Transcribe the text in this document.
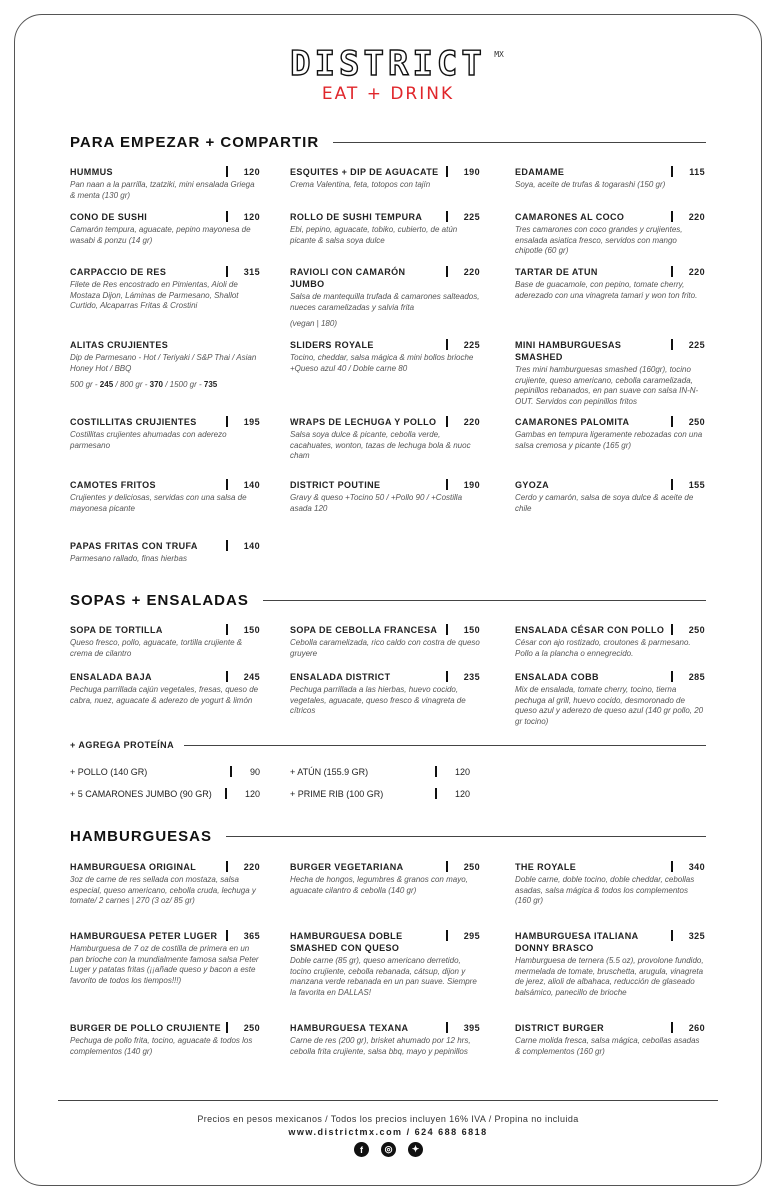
DISTRICT MX
EAT + DRINK
PARA EMPEZAR + COMPARTIR
SOPAS + ENSALADAS
+ AGREGA PROTEÍNA
HAMBURGUESAS
HUMMUS	120
Pan naan a la parrilla, tzatziki, mini ensalada Griega & menta (130 gr)
ESQUITES + DIP DE AGUACATE	190
Crema Valentina, feta, totopos con tajín
EDAMAME	115
Soya, aceite de trufas & togarashi (150 gr)
CONO DE SUSHI	120
Camarón tempura, aguacate, pepino mayonesa de wasabi & ponzu (14 gr)
ROLLO DE SUSHI TEMPURA	225
Ebi, pepino, aguacate, tobiko, cubierto, de atún picante & salsa soya dulce
CAMARONES AL COCO	220
Tres camarones con coco grandes y crujientes, ensalada asiatica fresco, servidos con mango chipotle (60 gr)
CARPACCIO DE RES	315
Filete de Res encostrado en Pimientas, Aioli de Mostaza Dijon, Láminas de Parmesano, Shallot Curtido, Alcaparras Fritas & Crostini
RAVIOLI CON CAMARÓN JUMBO
220
Salsa de mantequilla trufada & camarones salteados, nueces caramelizadas y salvia frita
(vegan | 180)
TARTAR DE ATUN	220
Base de guacamole, con pepino, tomate cherry, aderezado con una vinagreta tamari y won ton frito.
ALITAS CRUJIENTES
Dip de Parmesano - Hot / Teriyaki / S&P Thai / Asian Honey Hot / BBQ
500 gr - 245 / 800 gr - 370 / 1500 gr - 735
SLIDERS ROYALE	225
Tocino, cheddar, salsa mágica & mini bollos brioche +Queso azul 40 / Doble carne 80
MINI HAMBURGUESAS SMASHED
225
Tres mini hamburguesas smashed (160gr), tocino crujiente, queso americano, cebolla caramelizada, pepinillos rebanados, en pan suave con salsa IN-N-OUT. Servidos con pepinillos fritos
COSTILLITAS CRUJIENTES	195
Costillitas crujientes ahumadas con aderezo parmesano
WRAPS DE LECHUGA Y POLLO	220
Salsa soya dulce & picante, cebolla verde, cacahuates, wonton, tazas de lechuga bola & nuoc cham
CAMARONES PALOMITA	250
Gambas en tempura ligeramente rebozadas con una salsa cremosa y picante (165 gr)
CAMOTES FRITOS	140
Crujientes y deliciosas, servidas con una salsa de mayonesa picante
DISTRICT POUTINE	190
Gravy & queso +Tocino 50 / +Pollo 90 / +Costilla asada 120
GYOZA	155
Cerdo y camarón, salsa de soya dulce & aceite de chile
PAPAS FRITAS CON TRUFA	140
Parmesano rallado, finas hierbas
SOPA DE TORTILLA	150
Queso fresco, pollo, aguacate, tortilla crujiente & crema de cilantro
SOPA DE CEBOLLA FRANCESA	150
Cebolla caramelizada, rico caldo con costra de queso gruyere
ENSALADA CÉSAR CON POLLO	250
César con ajo rostizado, croutones & parmesano. Pollo a la plancha o ennegrecido.
ENSALADA BAJA	245
Pechuga parrillada cajún vegetales, fresas, queso de cabra, nuez, aguacate & aderezo de yogurt & limón
ENSALADA DISTRICT	235
Pechuga parrillada a las hierbas, huevo cocido, vegetales, aguacate, queso fresco & vinagreta de cítricos
ENSALADA COBB	285
Mix de ensalada, tomate cherry, tocino, tierna pechuga al grill, huevo cocido, desmoronado de queso azul y aderezo de queso azul (140 gr pollo, 20 gr tocino)
HAMBURGUESA ORIGINAL	220
3oz de carne de res sellada con mostaza, salsa especial, queso americano, cebolla cruda, lechuga y tomate/ 2 carnes | 270 (3 oz/ 85 gr)
BURGER VEGETARIANA	250
Hecha de hongos, legumbres & granos con mayo, aguacate cilantro & cebolla (140 gr)
THE ROYALE	340
Doble carne, doble tocino, doble cheddar, cebollas asadas, salsa mágica & todos los complementos (160 gr)
HAMBURGUESA PETER LUGER	365
Hamburguesa de 7 oz de costilla de primera en un pan brioche con la mundialmente famosa salsa Peter Luger y patatas fritas (¡¡añade queso y bacon a este favorito de todos los tiempos!!!)
HAMBURGUESA DOBLE SMASHED CON QUESO
295
Doble carne (85 gr), queso americano derretido, tocino crujiente, cebolla rebanada, cátsup, dijon y manzana verde rebanada en un pan suave. Siempre la favorita en DALLAS!
HAMBURGUESA ITALIANA DONNY BRASCO
325
Hamburguesa de ternera (5.5 oz), provolone fundido, mermelada de tomate, bruschetta, arugula, vinagreta de jerez, alioli de albahaca, reducción de glaseado balsámico, panecillo de brioche
BURGER DE POLLO CRUJIENTE	250
Pechuga de pollo frita, tocino, aguacate & todos los complementos (140 gr)
HAMBURGUESA TEXANA	395
Carne de res (200 gr), brisket ahumado por 12 hrs, cebolla frita crujiente, salsa bbq, mayo y pepinillos
DISTRICT BURGER	260
Carne molida fresca, salsa mágica, cebollas asadas & complementos (160 gr)
+ POLLO (140 GR)	90	+ ATÚN (155.9 GR)	120
+ 5 CAMARONES JUMBO (90 GR)	120	+ PRIME RIB (100 GR)	120
Precios en pesos mexicanos / Todos los precios incluyen 16% IVA / Propina no incluida
www.districtmx.com / 624 688 6818
f	◎	✦
